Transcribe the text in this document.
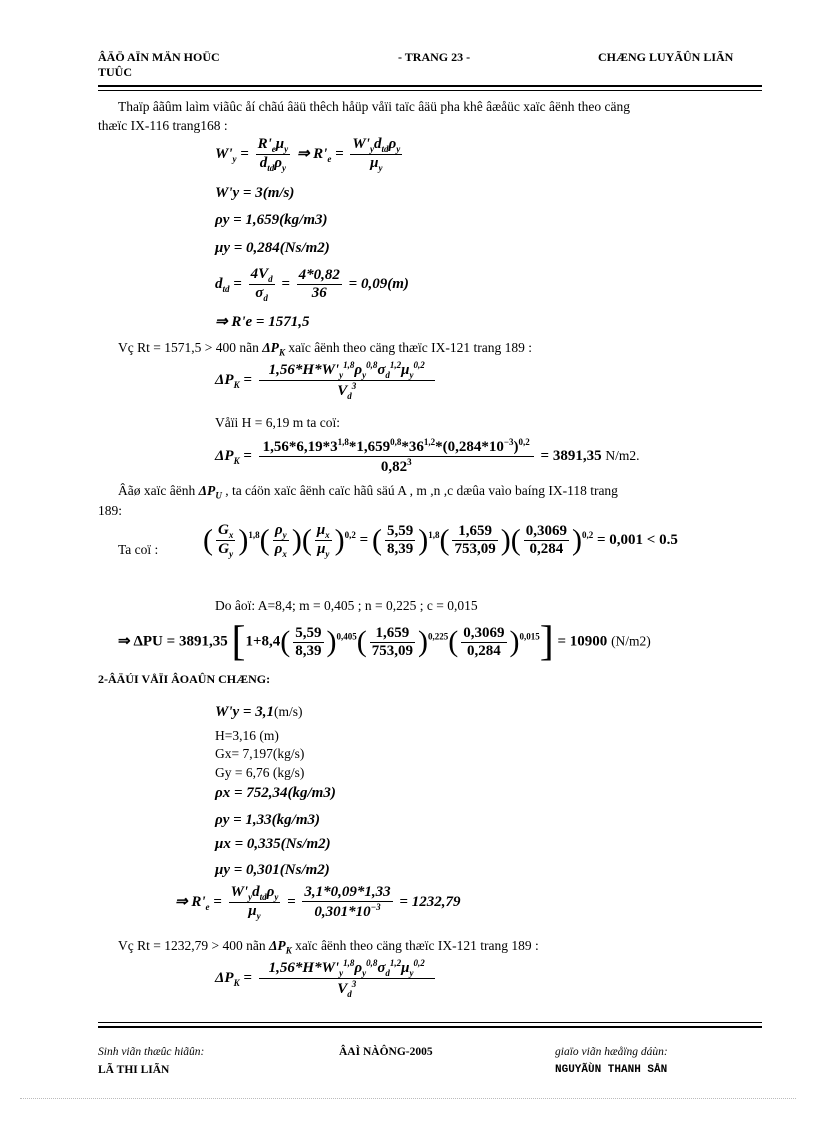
ÂÄÖ AÏN MÄN HOÜC
TUÛC
- TRANG 23 -	CHÆNG LUYÃÛN LIÃN
Thaïp âãûm laìm viãûc åí chãú âäü thêch håüp våïi taïc âäü pha khê âæåüc xaïc âënh theo cäng
thæïc IX-116 trang168 :
$W'_y = \frac{R'_e\mu_y}{d_{td}\rho_y}$ ⇒ $R'_e = \frac{W'_yd_{td}\rho_y}{\mu_y}$
W'y = 3(m/s)
ρy = 1,659(kg/m3)
μy = 0,284(Ns/m2)
$d_{td} = \frac{4V_d}{\sigma_d} = \frac{4*0,82}{36} = 0,09(m)$
⇒ R'e = 1571,5
Vç Rt = 1571,5 > 400 nãn $\Delta P_K$ xaïc âënh theo cäng thæïc IX-121 trang 189 :
$\Delta P_K = \frac{1,56*H*W'_y^{1,8}\rho_y^{0,8}\sigma_d^{1,2}\mu_y^{0,2}}{V_d^3}$
Våïi H = 6,19 m ta coï:
$\Delta P_K = \frac{1,56*6,19*3^{1,8}*1,659^{0,8}*36^{1,2}*(0,284*10^{-3})^{0,2}}{0,82^3} = 3891,35$ N/m2.
Âãø xaïc âënh $\Delta P_U$ , ta cáön xaïc âënh caïc hãû säú A , m ,n ,c dæûa vaìo baíng IX-118 trang
189:
Ta coï : ( $\frac{G_x}{G_y} )^{1,8}( \frac{\rho_y}{\rho_x}$ )( $\frac{\mu_x}{\mu_y} )^{0,2}$ = ( $\frac{5,59}{8,39} )^{1,8}( \frac{1,659}{753,09}$ )( $\frac{0,3069}{0,284} )^{0,2} = 0,001 < 0.5$
Do âoï: A=8,4; m = 0,405 ; n = 0,225 ; c = 0,015
⇒ ΔPU = 3891,35 $[1+8,4( \frac{5,59}{8,39} )^{0,405}( \frac{1,659}{753,09} )^{0,225}( \frac{0,3069}{0,284} )^{0,015}] = 10900$ (N/m2)
2-ÂÄÚI VÅÏI ÂOAÛN CHÆNG:
W'y = 3,1(m/s)
H=3,16 (m)
Gx= 7,197(kg/s)
Gy = 6,76 (kg/s)
ρx = 752,34(kg/m3)
ρy = 1,33(kg/m3)
μx = 0,335(Ns/m2)
μy = 0,301(Ns/m2)
⇒ $R'_e = \frac{W'_yd_{td}\rho_y}{\mu_y} = \frac{3,1*0,09*1,33}{0,301*10^{-3}} = 1232,79$
Vç Rt = 1232,79 > 400 nãn $\Delta P_K$ xaïc âënh theo cäng thæïc IX-121 trang 189 :
$\Delta P_K = \frac{1,56*H*W'_y^{1,8}\rho_y^{0,8}\sigma_d^{1,2}\mu_y^{0,2}}{V_d^3}$
Sinh viãn thæûc hiãûn:
LÃ THI LIÃN
ÂAÌ NÀÔNG-2005	giaïo viãn hæåïng dáùn:
NGUYÃÙN THANH SÅN
